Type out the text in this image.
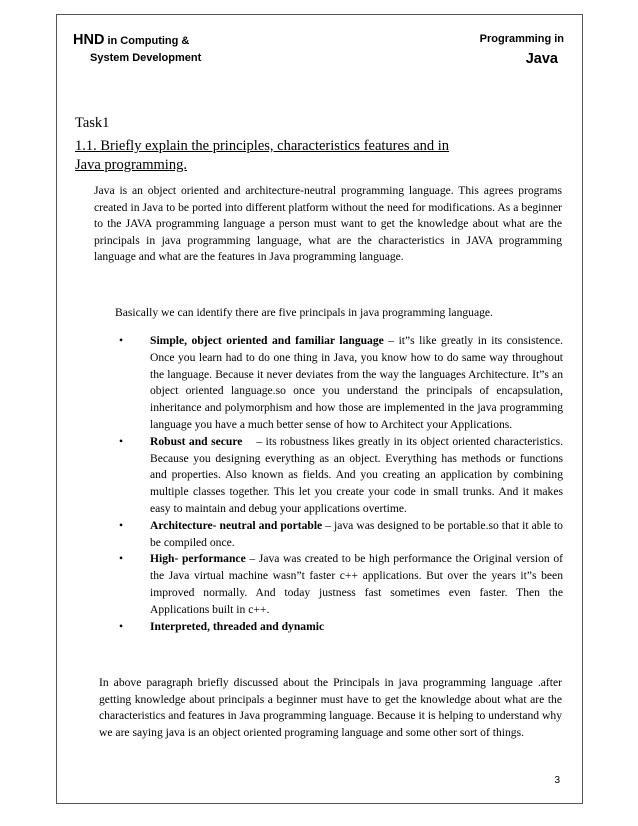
HND in Computing &
System Development
Programming in
Java
Task1
1.1. Briefly explain the principles, characteristics features and in Java programming.
Java is an object oriented and architecture-neutral programming language. This agrees programs created in Java to be ported into different platform without the need for modifications. As a beginner to the JAVA programming language a person must want to get the knowledge about what are the principals in java programming language, what are the characteristics in JAVA programming language and what are the features in Java programming language.
Basically we can identify there are five principals in java programming language.
• Simple, object oriented and familiar language – it”s like greatly in its consistence. Once you learn had to do one thing in Java, you know how to do same way throughout the language. Because it never deviates from the way the languages Architecture. It”s an object oriented language.so once you understand the principals of encapsulation, inheritance and polymorphism and how those are implemented in the java programming language you have a much better sense of how to Architect your Applications.
• Robust and secure    – its robustness likes greatly in its object oriented characteristics. Because you designing everything as an object. Everything has methods or functions and properties. Also known as fields. And you creating an application by combining multiple classes together. This let you create your code in small trunks. And it makes easy to maintain and debug your applications overtime.
• Architecture- neutral and portable – java was designed to be portable.so that it able to be compiled once.
• High- performance – Java was created to be high performance the Original version of the Java virtual machine wasn”t faster c++ applications. But over the years it”s been improved normally. And today justness fast sometimes even faster. Then the Applications built in c++.
• Interpreted, threaded and dynamic
In above paragraph briefly discussed about the Principals in java programming language .after getting knowledge about principals a beginner must have to get the knowledge about what are the characteristics and features in Java programming language. Because it is helping to understand why we are saying java is an object oriented programing language and some other sort of things.
3
